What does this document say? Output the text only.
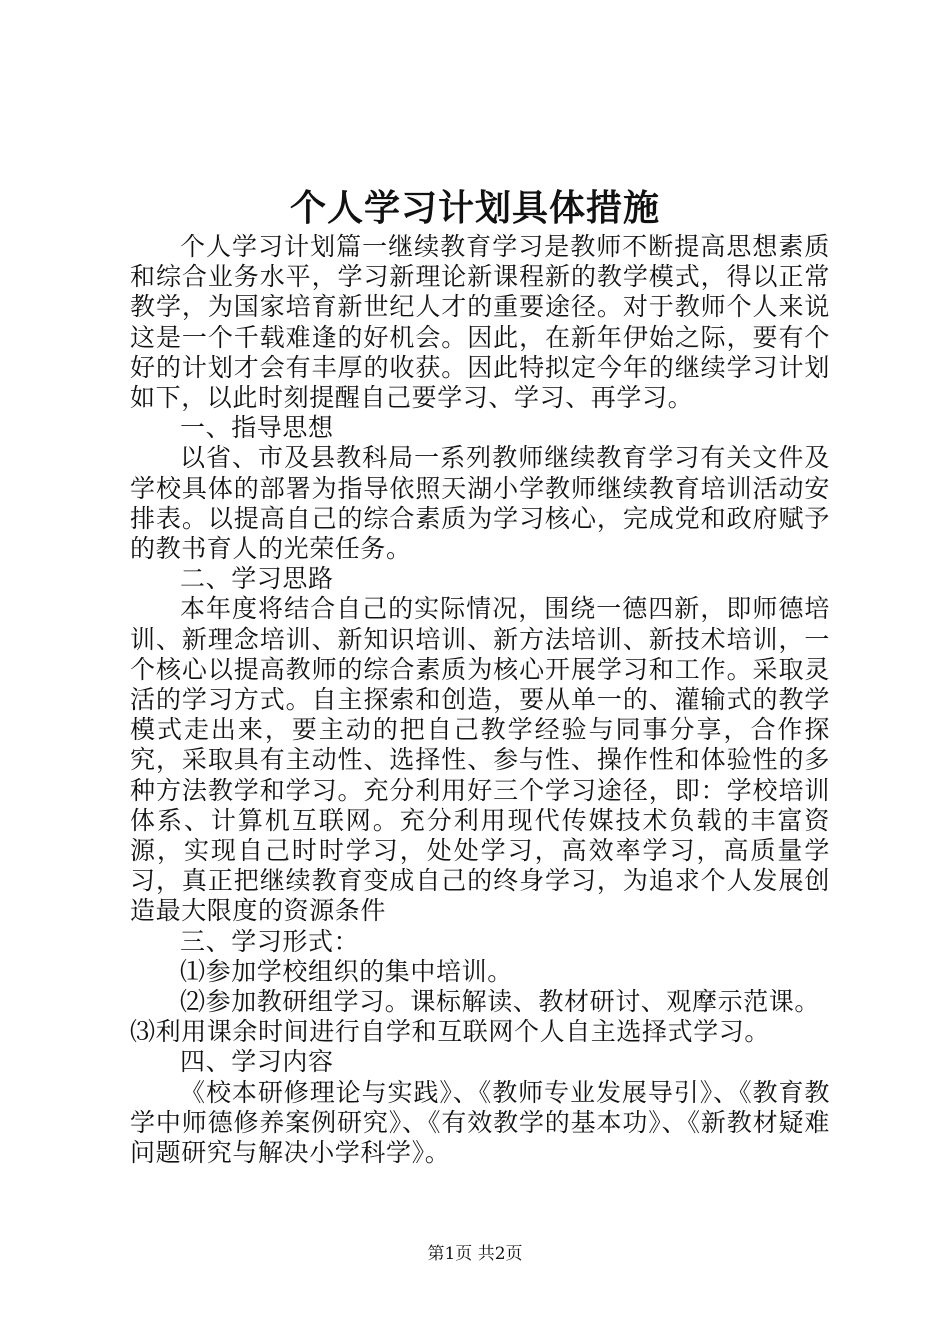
个人学习计划具体措施

个人学习计划篇一继续教育学习是教师不断提高思想素质和综合业务水平，学习新理论新课程新的教学模式，得以正常教学，为国家培育新世纪人才的重要途径。对于教师个人来说这是一个千载难逢的好机会。因此，在新年伊始之际，要有个好的计划才会有丰厚的收获。因此特拟定今年的继续学习计划如下，以此时刻提醒自己要学习、学习、再学习。

一、指导思想

以省、市及县教科局一系列教师继续教育学习有关文件及学校具体的部署为指导依照天湖小学教师继续教育培训活动安排表。以提高自己的综合素质为学习核心，完成党和政府赋予的教书育人的光荣任务。

二、学习思路

本年度将结合自己的实际情况，围绕一德四新，即师德培训、新理念培训、新知识培训、新方法培训、新技术培训，一个核心以提高教师的综合素质为核心开展学习和工作。采取灵活的学习方式。自主探索和创造，要从单一的、灌输式的教学模式走出来，要主动的把自己教学经验与同事分享，合作探究，采取具有主动性、选择性、参与性、操作性和体验性的多种方法教学和学习。充分利用好三个学习途径，即：学校培训体系、计算机互联网。充分利用现代传媒技术负载的丰富资源，实现自己时时学习，处处学习，高效率学习，高质量学习，真正把继续教育变成自己的终身学习，为追求个人发展创造最大限度的资源条件

三、学习形式：

⑴参加学校组织的集中培训。

⑵参加教研组学习。课标解读、教材研讨、观摩示范课。

⑶利用课余时间进行自学和互联网个人自主选择式学习。

四、学习内容

《校本研修理论与实践》、《教师专业发展导引》、《教育教学中师德修养案例研究》、《有效教学的基本功》、《新教材疑难问题研究与解决小学科学》。

第1页 共2页
